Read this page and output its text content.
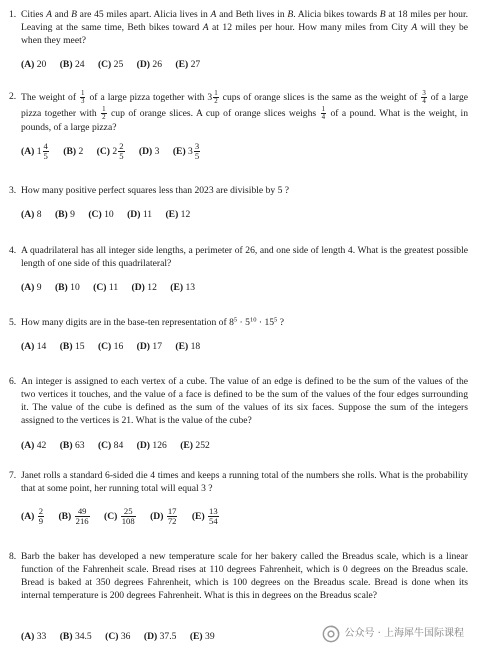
1. Cities A and B are 45 miles apart. Alicia lives in A and Beth lives in B. Alicia bikes towards B at 18 miles per hour. Leaving at the same time, Beth bikes toward A at 12 miles per hour. How many miles from City A will they be when they meet?
(A) 20 (B) 24 (C) 25 (D) 26 (E) 27
2. The weight of $\frac{1}{3}$ of a large pizza together with $3 \frac{1}{2}$ cups of orange slices is the same as the weight of $\frac{3}{4}$ of a large pizza together with $\frac{1}{2}$ cup of orange slices. A cup of orange slices weighs $\frac{1}{4}$ of a pound. What is the weight, in pounds, of a large pizza?
(A) $1 \frac{4}{5} (B)$ 2 (C) $2 \frac{2}{5} (D)$ 3 (E) $3 \frac{3}{5}$
3. How many positive perfect squares less than 2023 are divisible by 5 ?
(A) 8 (B) 9 (C) 10 (D) 11 (E) 12
4. A quadrilateral has all integer side lengths, a perimeter of 26, and one side of length 4. What is the greatest possible length of one side of this quadrilateral?
(A) 9 (B) 10 (C) 11 (D) 12 (E) 13
5. How many digits are in the base-ten representation of $8^5 \cdot 5^{10} \cdot 15^5$ ?
(A) 14 (B) 15 (C) 16 (D) 17 (E) 18
6. An integer is assigned to each vertex of a cube. The value of an edge is defined to be the sum of the values of the two vertices it touches, and the value of a face is defined to be the sum of the values of the four edges surrounding it. The value of the cube is defined as the sum of the values of its six faces. Suppose the sum of the integers assigned to the vertices is 21. What is the value of the cube?
(A) 42 (B) 63 (C) 84 (D) 126 (E) 252
7. Janet rolls a standard 6-sided die 4 times and keeps a running total of the numbers she rolls. What is the probability that at some point, her running total will equal 3 ?
$(A) \frac{2}{9} (B) \frac{49}{216} (C) \frac{25}{108} (D) \frac{17}{72} (E) \frac{13}{54}$
8. Barb the baker has developed a new temperature scale for her bakery called the Breadus scale, which is a linear function of the Fahrenheit scale. Bread rises at 110 degrees Fahrenheit, which is 0 degrees on the Breadus scale. Bread is baked at 350 degrees Fahrenheit, which is 100 degrees on the Breadus scale. Bread is done when its internal temperature is 200 degrees Fahrenheit. What is this in degrees on the Breadus scale?
(A) 33 (B) 34.5 (C) 36 (D) 37.5 (E) 39	公众号 · 上海犀牛国际课程
